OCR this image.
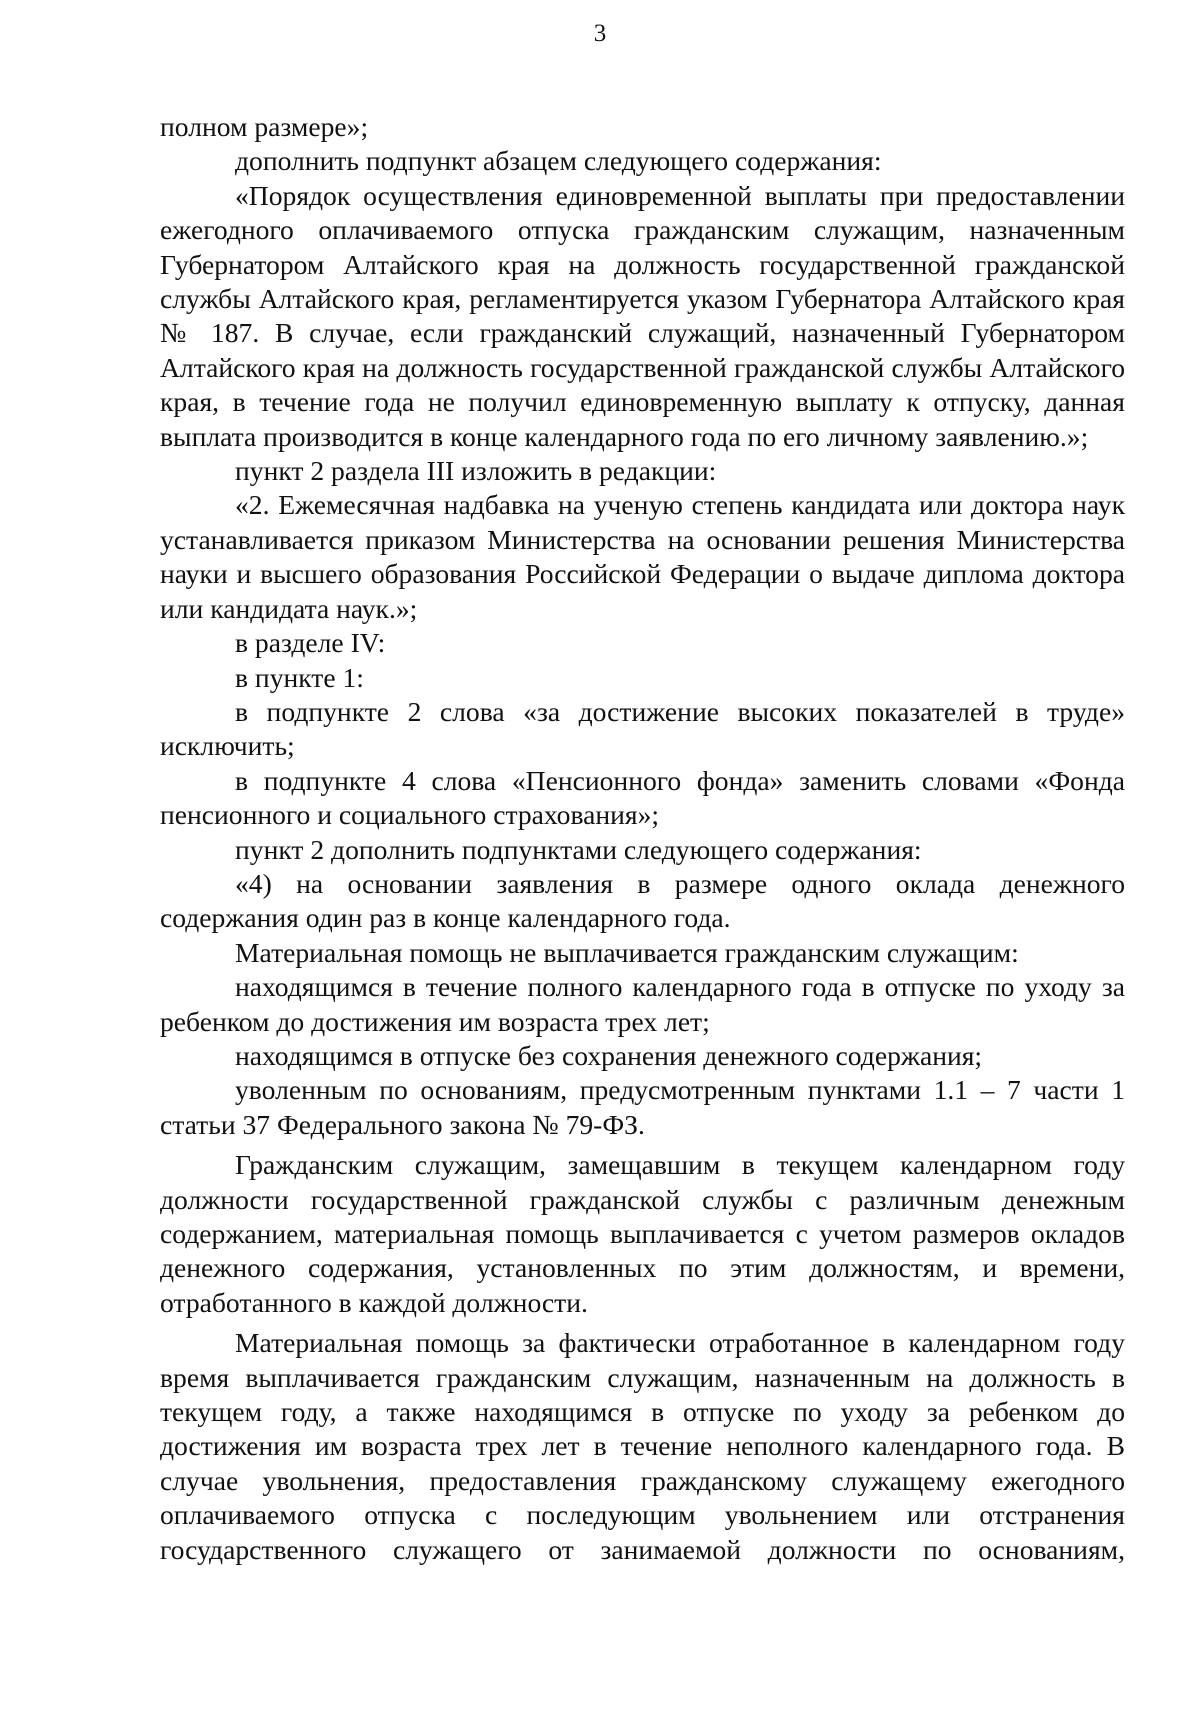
3

полном размере»;

дополнить подпункт абзацем следующего содержания:

«Порядок осуществления единовременной выплаты при предоставлении ежегодного оплачиваемого отпуска гражданским служащим, назначенным Губернатором Алтайского края на должность государственной гражданской службы Алтайского края, регламентируется указом Губернатора Алтайского края № 187. В случае, если гражданский служащий, назначенный Губернатором Алтайского края на должность государственной гражданской службы Алтайского края, в течение года не получил единовременную выплату к отпуску, данная выплата производится в конце календарного года по его личному заявлению.»;

пункт 2 раздела III изложить в редакции:

«2. Ежемесячная надбавка на ученую степень кандидата или доктора наук устанавливается приказом Министерства на основании решения Министерства науки и высшего образования Российской Федерации о выдаче диплома доктора или кандидата наук.»;

в разделе IV:

в пункте 1:

в подпункте 2 слова «за достижение высоких показателей в труде» исключить;

в подпункте 4 слова «Пенсионного фонда» заменить словами «Фонда пенсионного и социального страхования»;

пункт 2 дополнить подпунктами следующего содержания:

«4) на основании заявления в размере одного оклада денежного содержания один раз в конце календарного года.

Материальная помощь не выплачивается гражданским служащим:

находящимся в течение полного календарного года в отпуске по уходу за ребенком до достижения им возраста трех лет;

находящимся в отпуске без сохранения денежного содержания;

уволенным по основаниям, предусмотренным пунктами 1.1 – 7 части 1 статьи 37 Федерального закона № 79-ФЗ.

Гражданским служащим, замещавшим в текущем календарном году должности государственной гражданской службы с различным денежным содержанием, материальная помощь выплачивается с учетом размеров окладов денежного содержания, установленных по этим должностям, и времени, отработанного в каждой должности.

Материальная помощь за фактически отработанное в календарном году время выплачивается гражданским служащим, назначенным на должность в текущем году, а также находящимся в отпуске по уходу за ребенком до достижения им возраста трех лет в течение неполного календарного года. В случае увольнения, предоставления гражданскому служащему ежегодного оплачиваемого отпуска с последующим увольнением или отстранения государственного служащего от занимаемой должности по основаниям,
